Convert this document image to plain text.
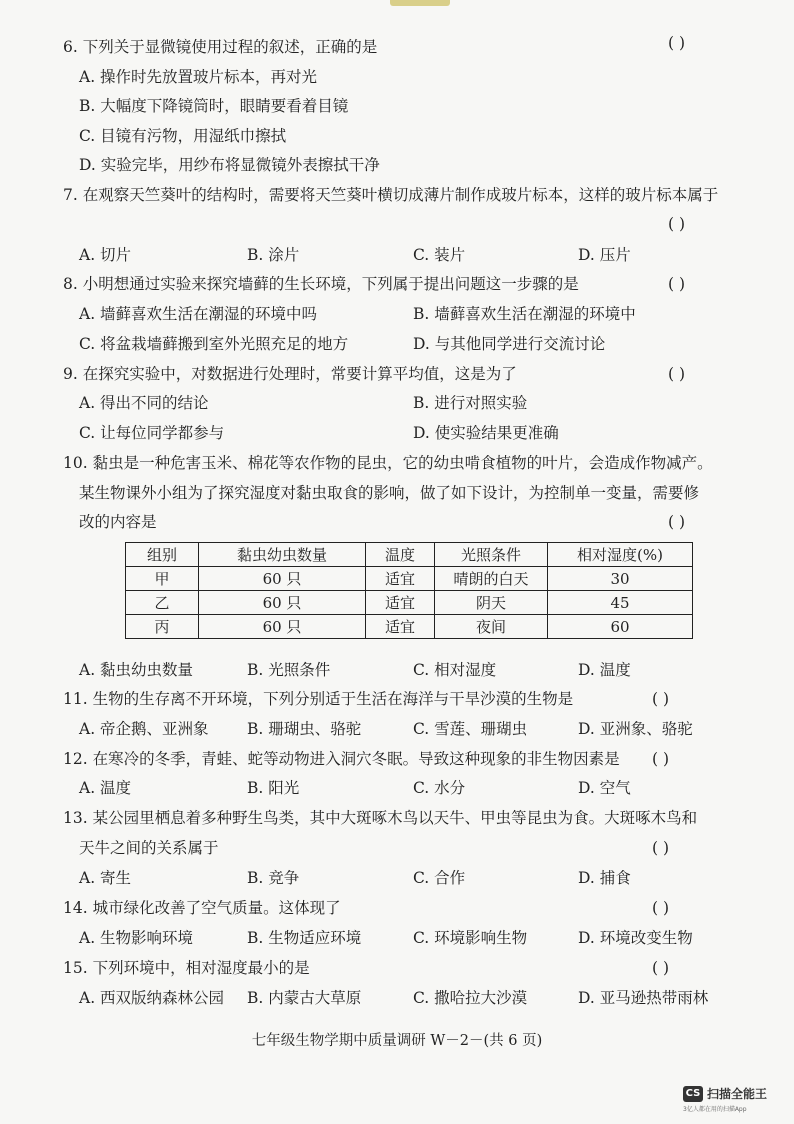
6. 下列关于显微镜使用过程的叙述，正确的是	( )
A. 操作时先放置玻片标本，再对光
B. 大幅度下降镜筒时，眼睛要看着目镜
C. 目镜有污物，用湿纸巾擦拭
D. 实验完毕，用纱布将显微镜外表擦拭干净
7. 在观察天竺葵叶的结构时，需要将天竺葵叶横切成薄片制作成玻片标本，这样的玻片标本属于
( )
A. 切片	B. 涂片	C. 装片	D. 压片
8. 小明想通过实验来探究墙藓的生长环境，下列属于提出问题这一步骤的是	( )
A. 墙藓喜欢生活在潮湿的环境中吗	B. 墙藓喜欢生活在潮湿的环境中
C. 将盆栽墙藓搬到室外光照充足的地方	D. 与其他同学进行交流讨论
9. 在探究实验中，对数据进行处理时，常要计算平均值，这是为了	( )
A. 得出不同的结论	B. 进行对照实验
C. 让每位同学都参与	D. 使实验结果更准确
10. 黏虫是一种危害玉米、棉花等农作物的昆虫，它的幼虫啃食植物的叶片，会造成作物减产。
某生物课外小组为了探究湿度对黏虫取食的影响，做了如下设计，为控制单一变量，需要修
改的内容是	( )
组别	黏虫幼虫数量	温度	光照条件	相对湿度(%)
甲	60 只	适宜	晴朗的白天	30
乙	60 只	适宜	阴天	45
丙	60 只	适宜	夜间	60
A. 黏虫幼虫数量	B. 光照条件	C. 相对湿度	D. 温度
11. 生物的生存离不开环境，下列分别适于生活在海洋与干旱沙漠的生物是	( )
A. 帝企鹅、亚洲象 B. 珊瑚虫、骆驼	C. 雪莲、珊瑚虫	D. 亚洲象、骆驼
12. 在寒冷的冬季，青蛙、蛇等动物进入洞穴冬眠。导致这种现象的非生物因素是 ( )
A. 温度	B. 阳光	C. 水分	D. 空气
13. 某公园里栖息着多种野生鸟类，其中大斑啄木鸟以天牛、甲虫等昆虫为食。大斑啄木鸟和
天牛之间的关系属于	( )
A. 寄生	B. 竞争	C. 合作	D. 捕食
14. 城市绿化改善了空气质量。这体现了	( )
A. 生物影响环境	B. 生物适应环境	C. 环境影响生物	D. 环境改变生物
15. 下列环境中，相对湿度最小的是	( )
A. 西双版纳森林公园 B. 内蒙古大草原	C. 撒哈拉大沙漠	D. 亚马逊热带雨林
七年级生物学期中质量调研 W－2－(共 6 页)
CS 扫描全能王
3亿人都在用的扫描App
